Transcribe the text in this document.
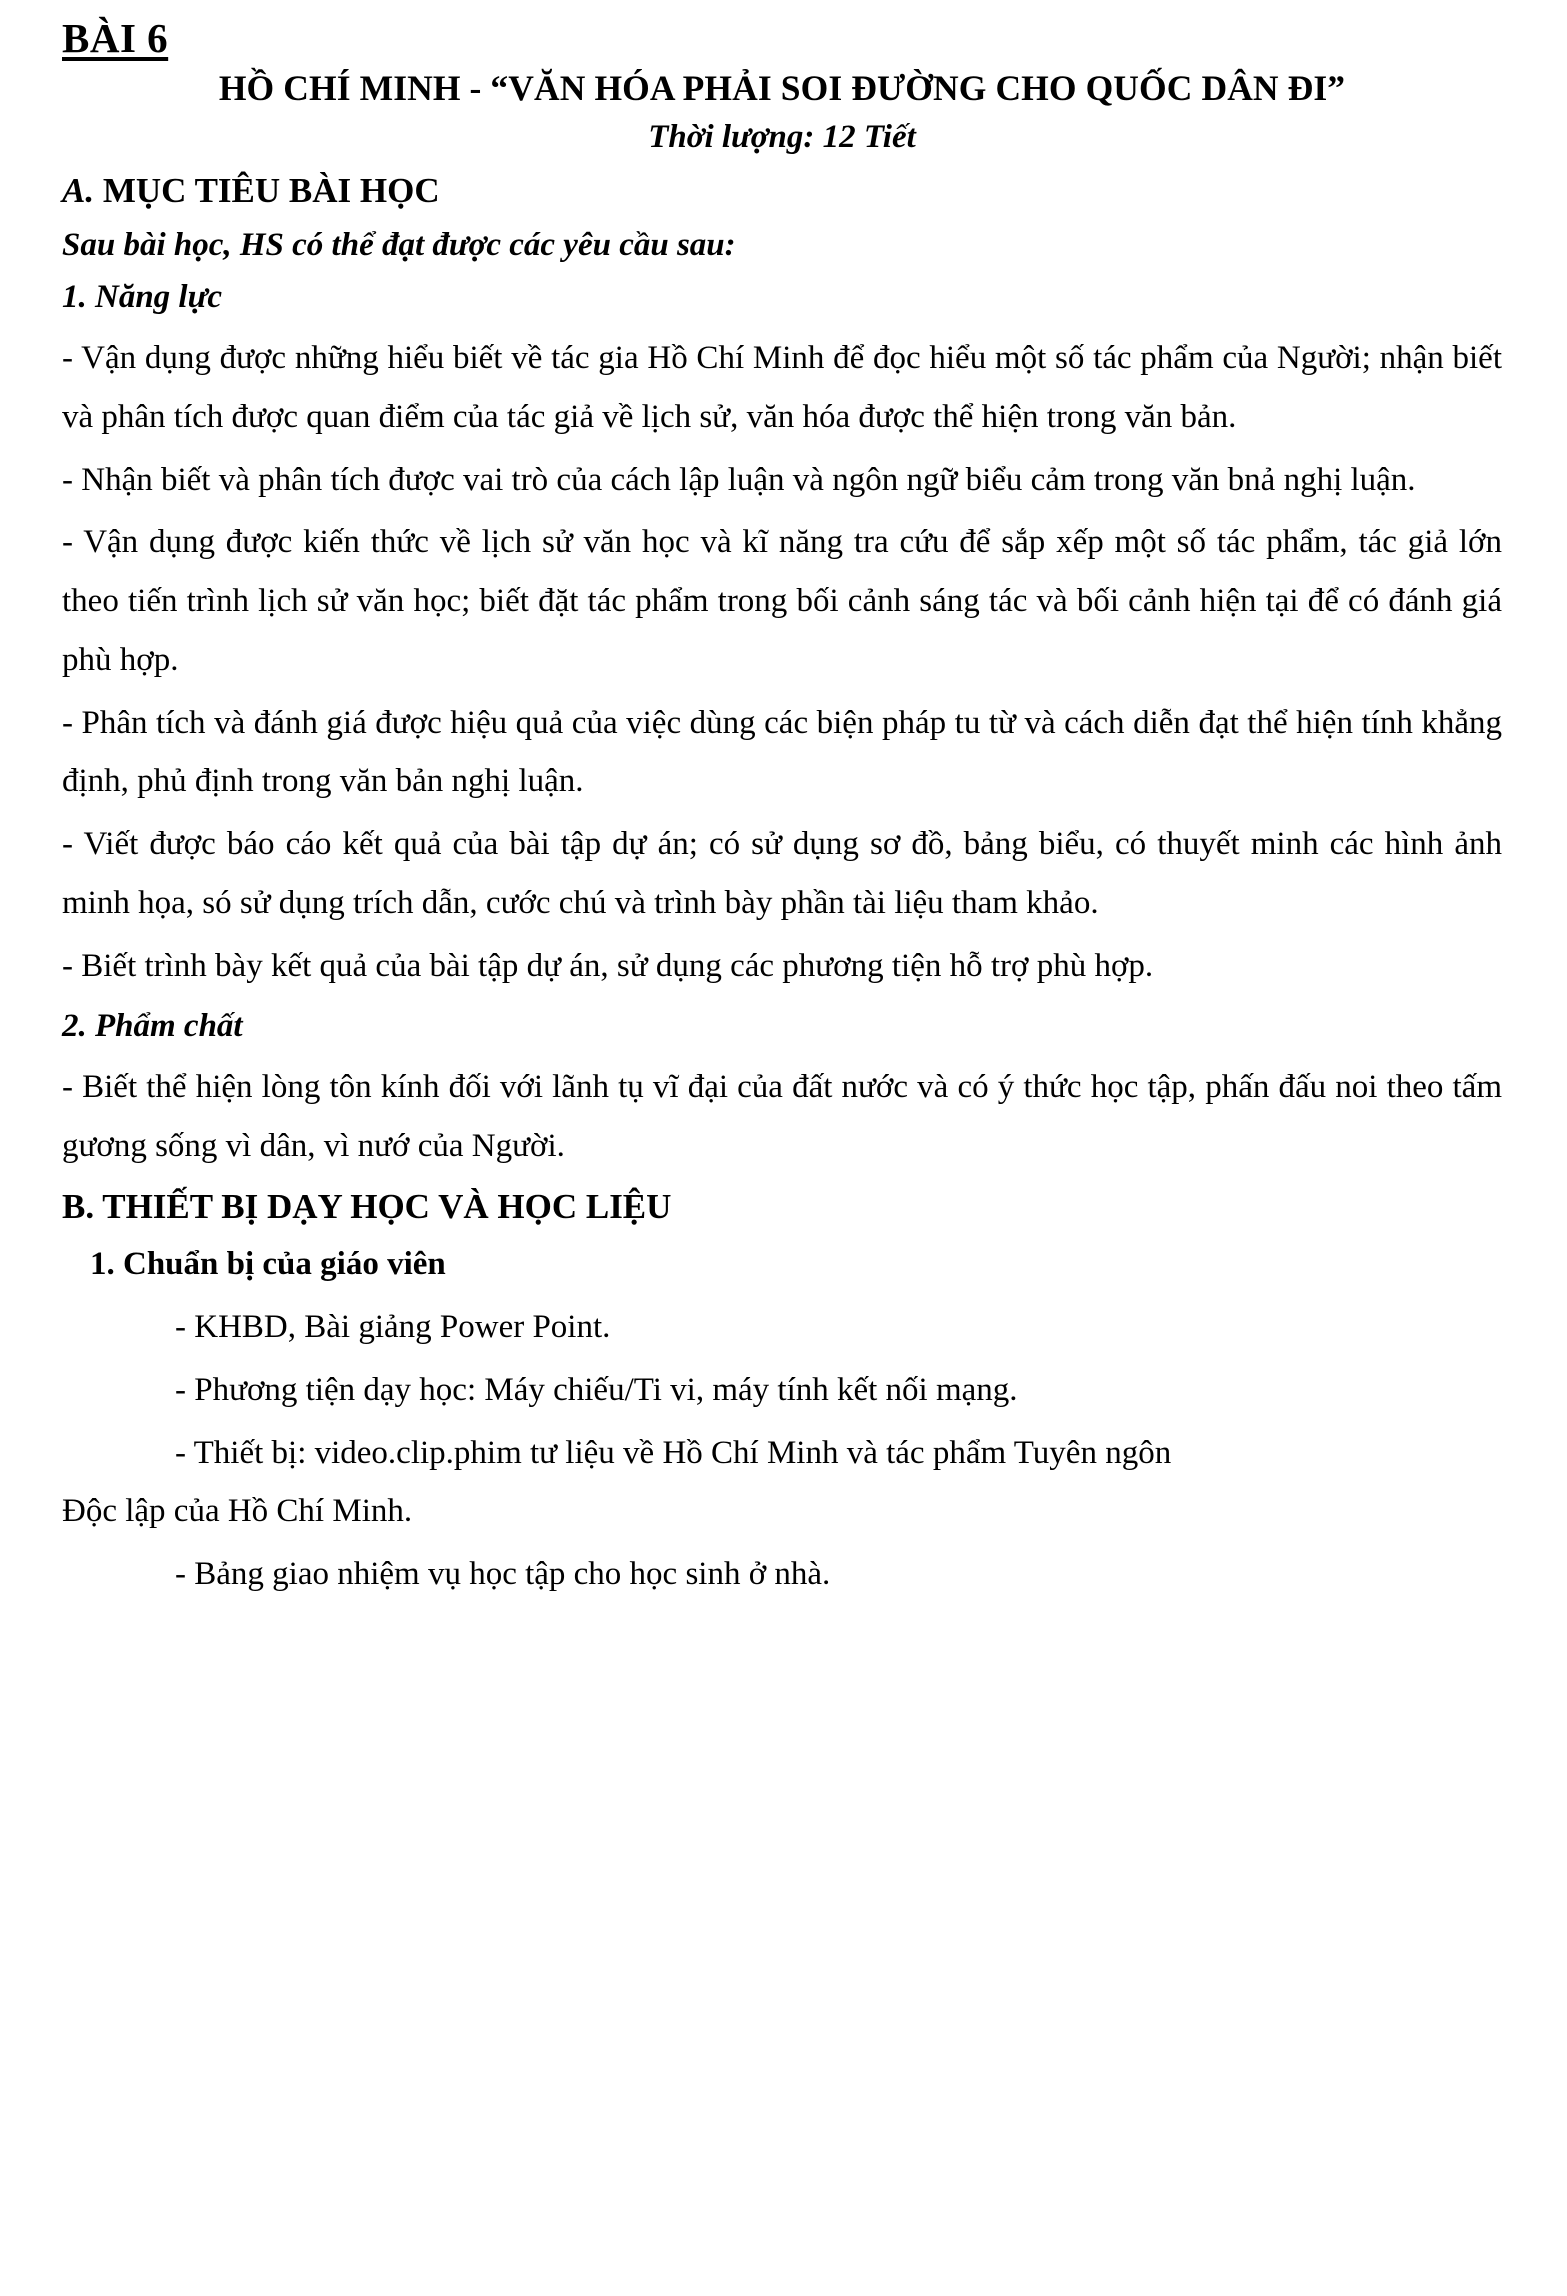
BÀI 6
HỒ CHÍ MINH - “VĂN HÓA PHẢI SOI ĐƯỜNG CHO QUỐC DÂN ĐI”
Thời lượng: 12 Tiết
A. MỤC TIÊU BÀI HỌC
Sau bài học, HS có thể đạt được các yêu cầu sau:
1. Năng lực
- Vận dụng được những hiểu biết về tác gia Hồ Chí Minh để đọc hiểu một số tác phẩm của Người; nhận biết và phân tích được quan điểm của tác giả về lịch sử, văn hóa được thể hiện trong văn bản.
- Nhận biết và phân tích được vai trò của cách lập luận và ngôn ngữ biểu cảm trong văn bnả nghị luận.
- Vận dụng được kiến thức về lịch sử văn học và kĩ năng tra cứu để sắp xếp một số tác phẩm, tác giả lớn theo tiến trình lịch sử văn học; biết đặt tác phẩm trong bối cảnh sáng tác và bối cảnh hiện tại để có đánh giá phù hợp.
- Phân tích và đánh giá được hiệu quả của việc dùng các biện pháp tu từ và cách diễn đạt thể hiện tính khẳng định, phủ định trong văn bản nghị luận.
- Viết được báo cáo kết quả của bài tập dự án; có sử dụng sơ đồ, bảng biểu, có thuyết minh các hình ảnh minh họa, só sử dụng trích dẫn, cước chú và trình bày phần tài liệu tham khảo.
- Biết trình bày kết quả của bài tập dự án, sử dụng các phương tiện hỗ trợ phù hợp.
2. Phẩm chất
- Biết thể hiện lòng tôn kính đối với lãnh tụ vĩ đại của đất nước và có ý thức học tập, phấn đấu noi theo tấm gương sống vì dân, vì nướ của Người.
B. THIẾT BỊ DẠY HỌC VÀ HỌC LIỆU
1. Chuẩn bị của giáo viên
- KHBD, Bài giảng Power Point.
- Phương tiện dạy học: Máy chiếu/Ti vi, máy tính kết nối mạng.
- Thiết bị: video.clip.phim tư liệu về Hồ Chí Minh và tác phẩm Tuyên ngôn
Độc lập của Hồ Chí Minh.
- Bảng giao nhiệm vụ học tập cho học sinh ở nhà.
